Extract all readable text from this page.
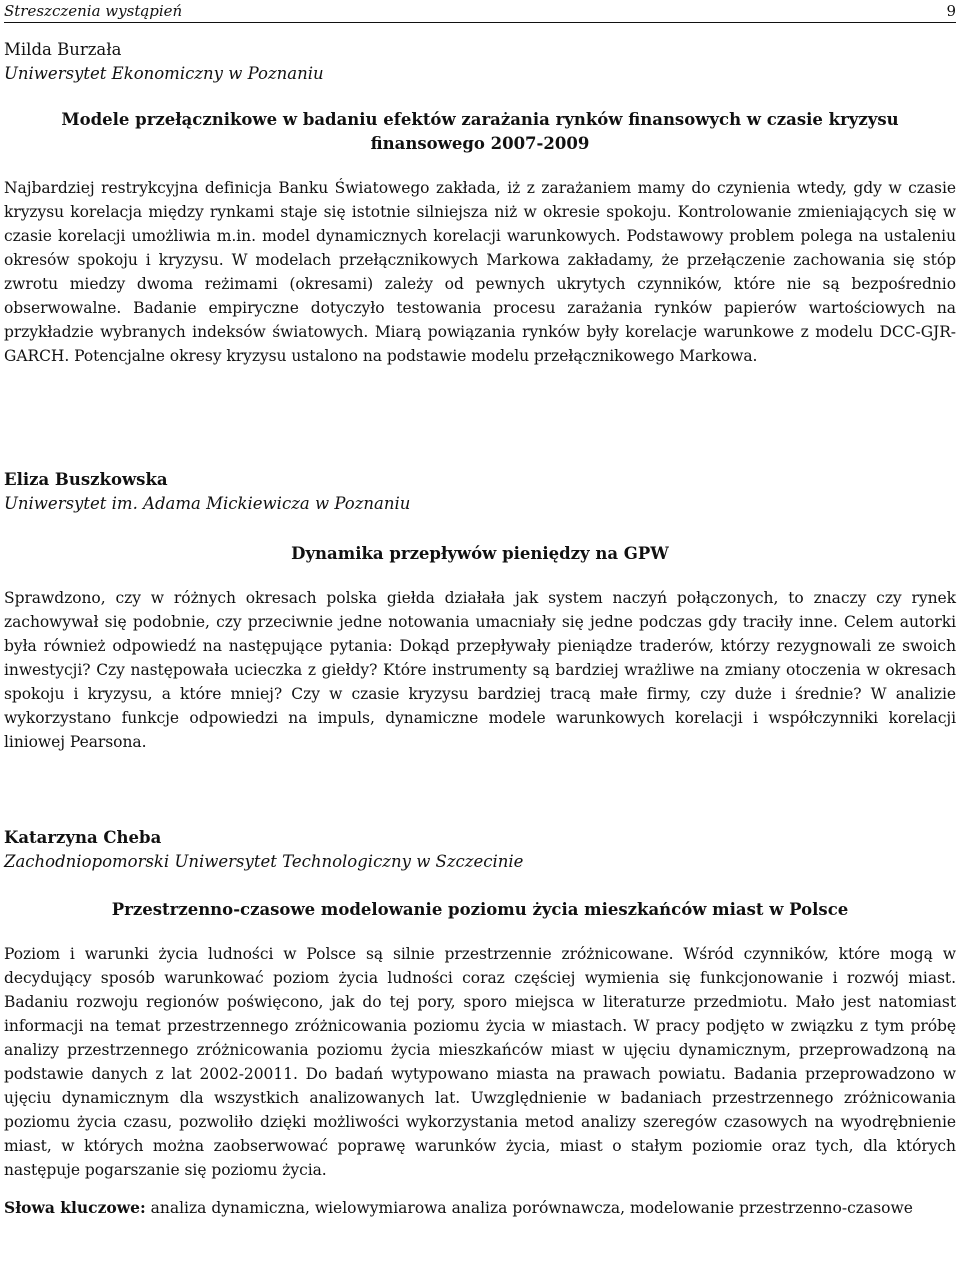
Streszczenia wystąpień	9

Milda Burzała

Uniwersytet Ekonomiczny w Poznaniu

Modele przełącznikowe w badaniu efektów zarażania rynków finansowych w czasie kryzysu finansowego 2007-2009

Najbardziej restrykcyjna definicja Banku Światowego zakłada, iż z zarażaniem mamy do czynienia wtedy, gdy w czasie kryzysu korelacja między rynkami staje się istotnie silniejsza niż w okresie spokoju. Kontrolowanie zmieniających się w czasie korelacji umożliwia m.in. model dynamicznych korelacji warunkowych. Podstawowy problem polega na ustaleniu okresów spokoju i kryzysu. W modelach przełącznikowych Markowa zakładamy, że przełączenie zachowania się stóp zwrotu miedzy dwoma reżimami (okresami) zależy od pewnych ukrytych czynników, które nie są bezpośrednio obserwowalne. Badanie empiryczne dotyczyło testowania procesu zarażania rynków papierów wartościowych na przykładzie wybranych indeksów światowych. Miarą powiązania rynków były korelacje warunkowe z modelu DCC-GJR-GARCH. Potencjalne okresy kryzysu ustalono na podstawie modelu przełącznikowego Markowa.

Eliza Buszkowska

Uniwersytet im. Adama Mickiewicza w Poznaniu

Dynamika przepływów pieniędzy na GPW

Sprawdzono, czy w różnych okresach polska giełda działała jak system naczyń połączonych, to znaczy czy rynek zachowywał się podobnie, czy przeciwnie jedne notowania umacniały się jedne podczas gdy traciły inne. Celem autorki była również odpowiedź na następujące pytania: Dokąd przepływały pieniądze traderów, którzy rezygnowali ze swoich inwestycji? Czy następowała ucieczka z giełdy? Które instrumenty są bardziej wrażliwe na zmiany otoczenia w okresach spokoju i kryzysu, a które mniej? Czy w czasie kryzysu bardziej tracą małe firmy, czy duże i średnie? W analizie wykorzystano funkcje odpowiedzi na impuls, dynamiczne modele warunkowych korelacji i współczynniki korelacji liniowej Pearsona.

Katarzyna Cheba

Zachodniopomorski Uniwersytet Technologiczny w Szczecinie

Przestrzenno-czasowe modelowanie poziomu życia mieszkańców miast w Polsce

Poziom i warunki życia ludności w Polsce są silnie przestrzennie zróżnicowane. Wśród czynników, które mogą w decydujący sposób warunkować poziom życia ludności coraz częściej wymienia się funkcjonowanie i rozwój miast. Badaniu rozwoju regionów poświęcono, jak do tej pory, sporo miejsca w literaturze przedmiotu. Mało jest natomiast informacji na temat przestrzennego zróżnicowania poziomu życia w miastach. W pracy podjęto w związku z tym próbę analizy przestrzennego zróżnicowania poziomu życia mieszkańców miast w ujęciu dynamicznym, przeprowadzoną na podstawie danych z lat 2002-20011. Do badań wytypowano miasta na prawach powiatu. Badania przeprowadzono w ujęciu dynamicznym dla wszystkich analizowanych lat. Uwzględnienie w badaniach przestrzennego zróżnicowania poziomu życia czasu, pozwoliło dzięki możliwości wykorzystania metod analizy szeregów czasowych na wyodrębnienie miast, w których można zaobserwować poprawę warunków życia, miast o stałym poziomie oraz tych, dla których następuje pogarszanie się poziomu życia.

Słowa kluczowe: analiza dynamiczna, wielowymiarowa analiza porównawcza, modelowanie przestrzenno-czasowe
